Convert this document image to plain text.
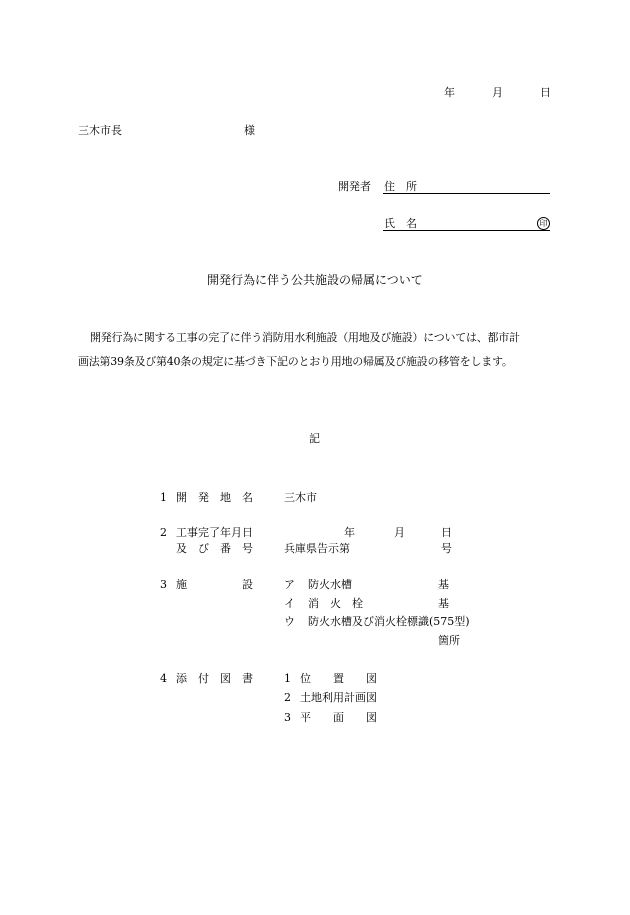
年	月	日
三木市長	様
開発者 住　所
氏　名	印
開発行為に伴う公共施設の帰属について
開発行為に関する工事の完了に伴う消防用水利施設（用地及び施設）については、都市計
画法第39条及び第40条の規定に基づき下記のとおり用地の帰属及び施設の移管をします。
記
1 開　発　地　名	三木市
2 工事完了年月日	年	月	日
及　び　番　号	兵庫県告示第	号
3 施　　　　　設	ア 防火水槽	基
イ 消　火　栓	基
ウ 防火水槽及び消火栓標識(575型)
箇所
4 添　付　図　書	1 位　　置　　図
2 土地利用計画図
3 平　　面　　図
